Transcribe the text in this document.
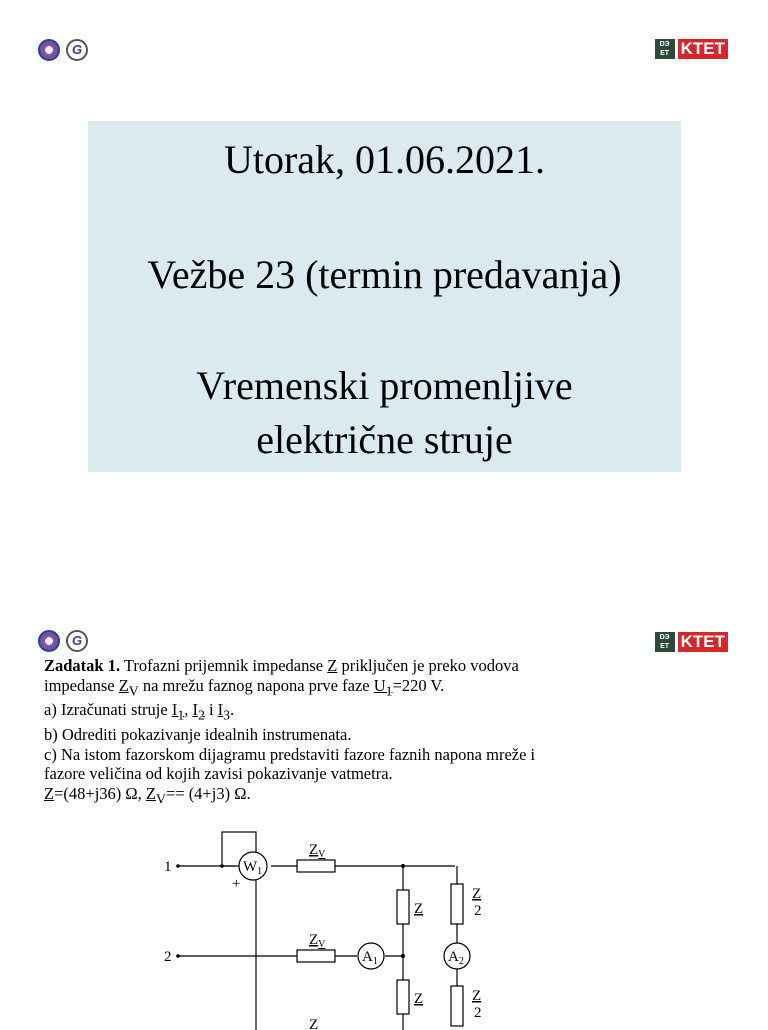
G	DЭ ET KTET
Utorak, 01.06.2021.
Vežbe 23 (termin predavanja)
Vremenski promenljive
električne struje
G	DЭ ET KTET
Zadatak 1. Trofazni prijemnik impedanse Z priključen je preko vodova
impedanse $Z_V$ na mrežu faznog napona prve faze $U_1=220$ V.
a) Izračunati struje $I_1$, $I_2$ i $I_3$.
b) Odrediti pokazivanje idealnih instrumenata.
c) Na istom fazorskom dijagramu predstaviti fazore faznih napona mreže i
fazore veličina od kojih zavisi pokazivanje vatmetra.
Z=(48+j36) Ω, $Z_V== (4+j3)$ Ω.
1
2
+
$W_1$
$Z_V$
$Z_V$
Z
$A_1$	$A_2$
Z
Z
Z
2
Z
2
